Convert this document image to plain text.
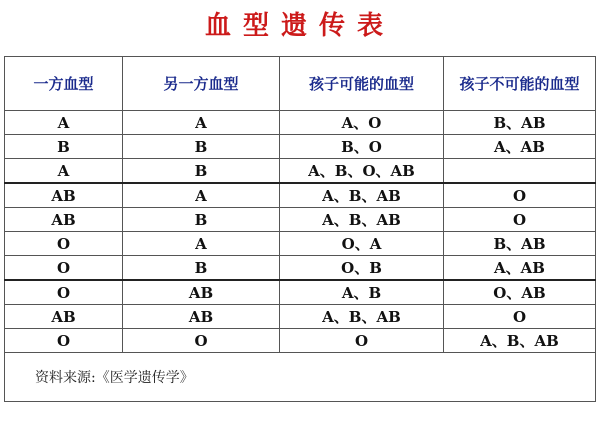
血型遗传表
一方血型	另一方血型	孩子可能的血型	孩子不可能的血型
A	A	A、O	B、AB
B	B	B、O	A、AB
A	B	A、B、O、AB	
AB	A	A、B、AB	O
AB	B	A、B、AB	O
O	A	O、A	B、AB
O	B	O、B	A、AB
O	AB	A、B	O、AB
AB	AB	A、B、AB	O
O	O	O	A、B、AB
资料来源:《医学遗传学》			
